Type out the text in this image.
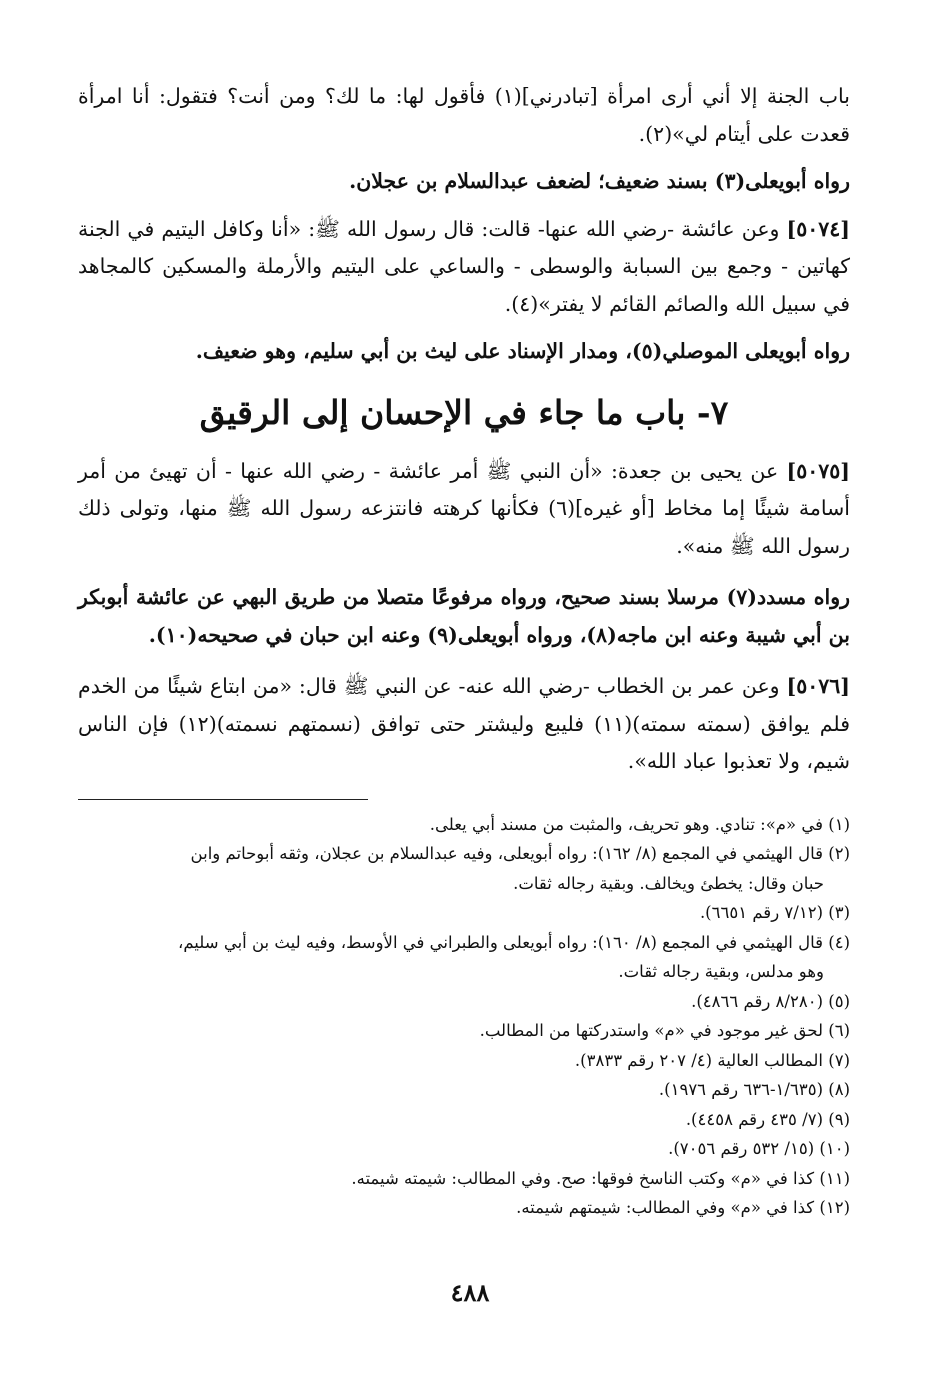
باب الجنة إلا أني أرى امرأة [تبادرني](١) فأقول لها: ما لك؟ ومن أنت؟ فتقول: أنا امرأة قعدت على أيتام لي»(٢).

رواه أبويعلى(٣) بسند ضعيف؛ لضعف عبدالسلام بن عجلان.

[٥٠٧٤] وعن عائشة -رضي الله عنها- قالت: قال رسول الله ﷺ: «أنا وكافل اليتيم في الجنة كهاتين - وجمع بين السبابة والوسطى - والساعي على اليتيم والأرملة والمسكين كالمجاهد في سبيل الله والصائم القائم لا يفتر»(٤).

رواه أبويعلى الموصلي(٥)، ومدار الإسناد على ليث بن أبي سليم، وهو ضعيف.

٧- باب ما جاء في الإحسان إلى الرقيق

[٥٠٧٥] عن يحيى بن جعدة: «أن النبي ﷺ أمر عائشة - رضي الله عنها - أن تهيئ من أمر أسامة شيئًا إما مخاط [أو غيره](٦) فكأنها كرهته فانتزعه رسول الله ﷺ منها، وتولى ذلك رسول الله ﷺ منه».

رواه مسدد(٧) مرسلا بسند صحيح، ورواه مرفوعًا متصلا من طريق البهي عن عائشة أبوبكر بن أبي شيبة وعنه ابن ماجه(٨)، ورواه أبويعلى(٩) وعنه ابن حبان في صحيحه(١٠).

[٥٠٧٦] وعن عمر بن الخطاب -رضي الله عنه- عن النبي ﷺ قال: «من ابتاع شيئًا من الخدم فلم يوافق (سمته سمته)(١١) فليبع وليشتر حتى توافق (نسمتهم نسمته)(١٢) فإن الناس شيم، ولا تعذبوا عباد الله».

(١) في «م»: تنادي. وهو تحريف، والمثبت من مسند أبي يعلى.

(٢) قال الهيثمي في المجمع (٨/ ١٦٢): رواه أبويعلى، وفيه عبدالسلام بن عجلان، وثقه أبوحاتم وابن
حبان وقال: يخطئ ويخالف. وبقية رجاله ثقات.

(٣) (٧/١٢ رقم ٦٦٥١).

(٤) قال الهيثمي في المجمع (٨/ ١٦٠): رواه أبويعلى والطبراني في الأوسط، وفيه ليث بن أبي سليم،
وهو مدلس، وبقية رجاله ثقات.

(٥) (٨/٢٨٠ رقم ٤٨٦٦).

(٦) لحق غير موجود في «م» واستدركتها من المطالب.

(٧) المطالب العالية (٤/ ٢٠٧ رقم ٣٨٣٣).

(٨) (١/٦٣٥-٦٣٦ رقم ١٩٧٦).

(٩) (٧/ ٤٣٥ رقم ٤٤٥٨).

(١٠) (١٥/ ٥٣٢ رقم ٧٠٥٦).

(١١) كذا في «م» وكتب الناسخ فوقها: صح. وفي المطالب: شيمته شيمته.

(١٢) كذا في «م» وفي المطالب: شيمتهم شيمته.

٤٨٨
